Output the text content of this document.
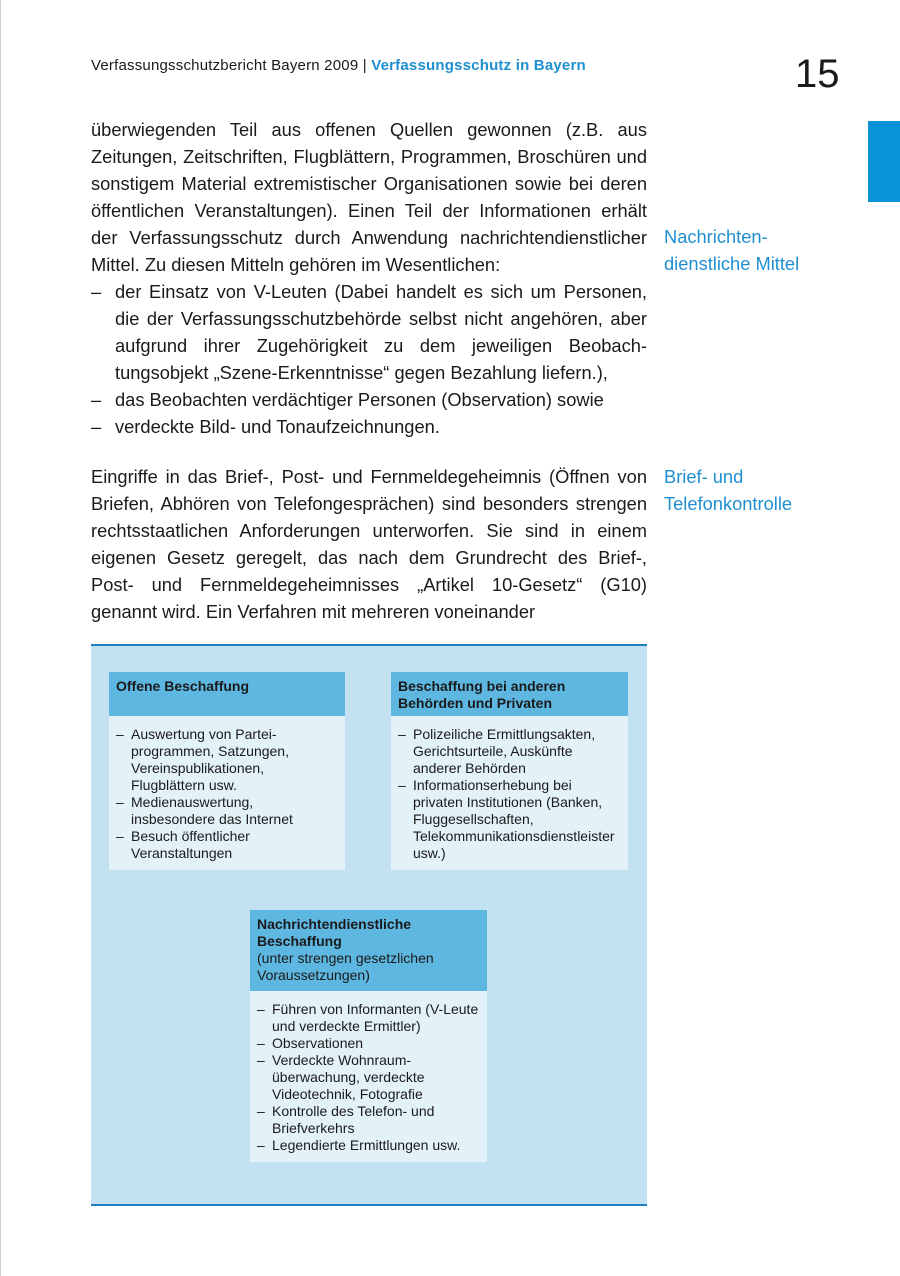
Verfassungsschutzbericht Bayern 2009 | Verfassungsschutz in Bayern	15

überwiegenden Teil aus offenen Quellen gewonnen (z.B. aus Zeitungen, Zeitschriften, Flugblättern, Programmen, Broschüren und sonstigem Material extremistischer Organisationen sowie bei deren öffentlichen Veranstaltungen). Einen Teil der Informationen erhält der Verfassungsschutz durch Anwendung nachrichtendienstlicher Mittel. Zu diesen Mitteln gehören im Wesentlichen:

– der Einsatz von V-Leuten (Dabei handelt es sich um Personen, die der Verfassungsschutzbehörde selbst nicht angehören, aber aufgrund ihrer Zugehörigkeit zu dem jeweiligen Beobachtungsobjekt „Szene-Erkenntnisse“ gegen Bezahlung liefern.),
– das Beobachten verdächtiger Personen (Observation) sowie
– verdeckte Bild- und Tonaufzeichnungen.
Nachrichten-
dienstliche Mittel

Eingriffe in das Brief-, Post- und Fernmeldegeheimnis (Öffnen von Briefen, Abhören von Telefongesprächen) sind besonders strengen rechtsstaatlichen Anforderungen unterworfen. Sie sind in einem eigenen Gesetz geregelt, das nach dem Grundrecht des Brief-, Post- und Fernmeldegeheimnisses „Artikel 10-Gesetz“ (G10) genannt wird. Ein Verfahren mit mehreren voneinander

Brief- und
Telefonkontrolle
Offene Beschaffung
– Auswertung von Parteiprogrammen, Satzungen, Vereinspublikationen, Flugblättern usw.
– Medienauswertung, insbesondere das Internet
– Besuch öffentlicher Veranstaltungen
Beschaffung bei anderen
Behörden und Privaten
– Polizeiliche Ermittlungsakten, Gerichtsurteile, Auskünfte anderer Behörden
– Informationserhebung bei privaten Institutionen (Banken, Fluggesellschaften, Telekommunikationsdienstleister usw.)
Nachrichtendienstliche
Beschaffung
(unter strengen gesetzlichen Voraussetzungen)
– Führen von Informanten (V-Leute und verdeckte Ermittler)
– Observationen
– Verdeckte Wohnraumüberwachung, verdeckte Videotechnik, Fotografie
– Kontrolle des Telefon- und Briefverkehrs
– Legendierte Ermittlungen usw.
